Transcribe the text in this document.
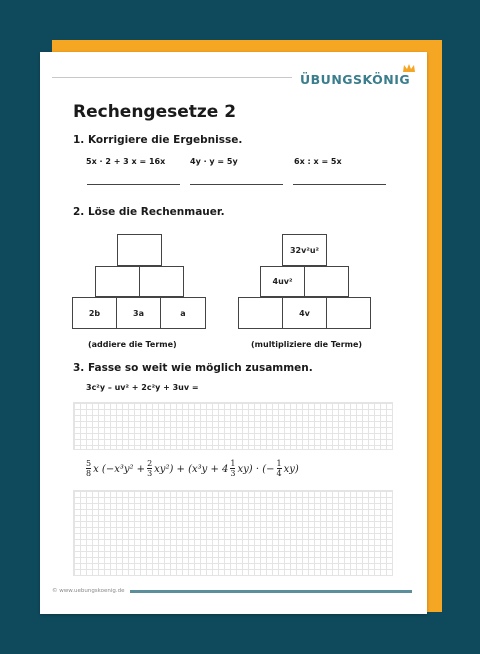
ÜBUNGSKÖNIG
Rechengesetze 2
1. Korrigiere die Ergebnisse.
5x · 2 + 3 x = 16x	4y · y = 5y	6x : x = 5x
2. Löse die Rechenmauer.
2b	3a	a
(addiere die Terme)
32v²u²
4uv²
4v
(multipliziere die Terme)
3. Fasse so weit wie möglich zusammen.
3c²y – uv² + 2c²y + 3uv =
$\frac{5}{8}$ x $(-x^3y^2 + \frac{2}{3} xy^2) + (x^3y + 4 \frac{1}{3} xy)$ · (− $\frac{1}{4} xy$)
© www.uebungskoenig.de
